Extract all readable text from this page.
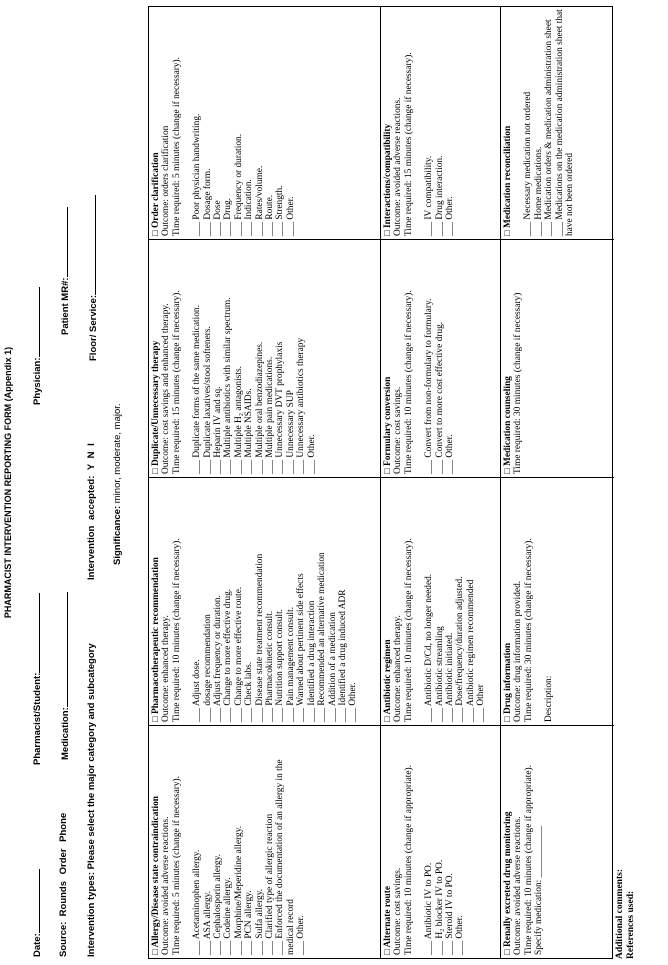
PHARMACIST INTERVENTION REPORTING FORM (Appendix 1)
Date:
Pharmacist/Student:
Physician:
Source:  Rounds Order Phone
Medication:
Patient MR#:
Intervention types: Please select the major category and subcategory
Intervention accepted: Y N I
Floor/ Service:
Significance: minor, moderate, major.
□ Allergy/Disease state contraindication Outcome: avoided adverse reactions. Time required: 5 minutes (change if necessary). ___ Acetaminophen allergy. ___ ASA allergy. ___ Cephalosporin allergy. ___ Codeine allergy. ___ Morphine/Meperidine allergy. ___ PCN allergy. ___ Sulfa allergy. ___ Clarified type of allergic reaction ___ Enforced the documentation of an allergy in the medical record ___ Other.
□ Pharmacotherapeutic recommendation Outcome: enhanced therapy. Time required: 10 minutes (change if necessary). ___ Adjust dose. ___ dosage recommendation ___ Adjust frequency or duration. ___ Change to more effective drug. ___ Change to more effective route. ___ Check labs. ___ Disease state treatment recommendation ___ Pharmacokinetic consult. ___ Nutrition support consult. ___ Pain management consult. ___ Warned about pertinent side effects ___ Identified a drug interaction ___ Recommended an alternative medication ___ Addition of a medication ___ Identified a drug induced ADR ___ Other.
□ Duplicate/Unnecessary therapy Outcome: cost savings and enhanced therapy. Time required: 15 minutes (change if necessary). ___ Duplicate forms of the same medication. ___ Duplicate laxatives/stool softeners. ___ Heparin IV and sq. ___ Multiple antibiotics with similar spectrum. ___ Multiple H₂ antagonists. ___ Multiple NSAIDs. ___ Multiple oral benzodiazepines. ___ Multiple pain medications. ___ Unnecessary DVT prophylaxis ___ Unnecessary SUP ___ Unnecessary antibiotics therapy ___ Other.
□ Order clarification Outcome: orders clarification Time required: 5 minutes (change if necessary). ___ Poor physician handwriting. ___ Dosage form. ___ Dose ___ Drug. ___ Frequency or duration. ___ Indication. ___ Rates/volume. ___ Route. ___ Strength. ___ Other.
□ Alternate route Outcome: cost savings. Time required: 10 minutes (change if appropriate). ___ Antibiotic IV to PO. ___ H₂ blocker IV to PO. ___ Steroid IV to PO. ___ Other.
□ Antibiotic regimen Outcome: enhanced therapy. Time required: 10 minutes (change if necessary). ___ Antibiotic D/Cd, no longer needed. ___ Antibiotic streamling ___ Antibiotic initiated. ___ Dose/frequency/duration adjusted. ___ Antibiotic regimen recommended ___ Other
□ Formulary conversion Outcome: cost savings. Time required: 10 minutes (change if necessary). ___ Convert from non-formulary to formulary. ___ Convert to more cost effective drug. ___ Other.
□ Interactions/compatibility Outcome: avoided adverse reactions. Time required: 15 minutes (change if necessary). ___ IV compatibility. ___ Drug interaction. ___ Other.
□ Renally excreted drug monitoring Outcome: avoided adverse reactions. Time required: 10 minutes (change if appropriate). Specify medication: ___________
□ Drug information Outcome: drug information provided. Time required: 30 minutes (change if necessary). Description:
□ Medication counseling Time required: 30 minutes (change if necessary)
□ Medication reconciliation ___ Necessary medication not ordered ___ Home medications. ___ Medication orders & medication administration sheet ___ Medications on the medication administration sheet that have not been ordered
Additional comments: References used:
